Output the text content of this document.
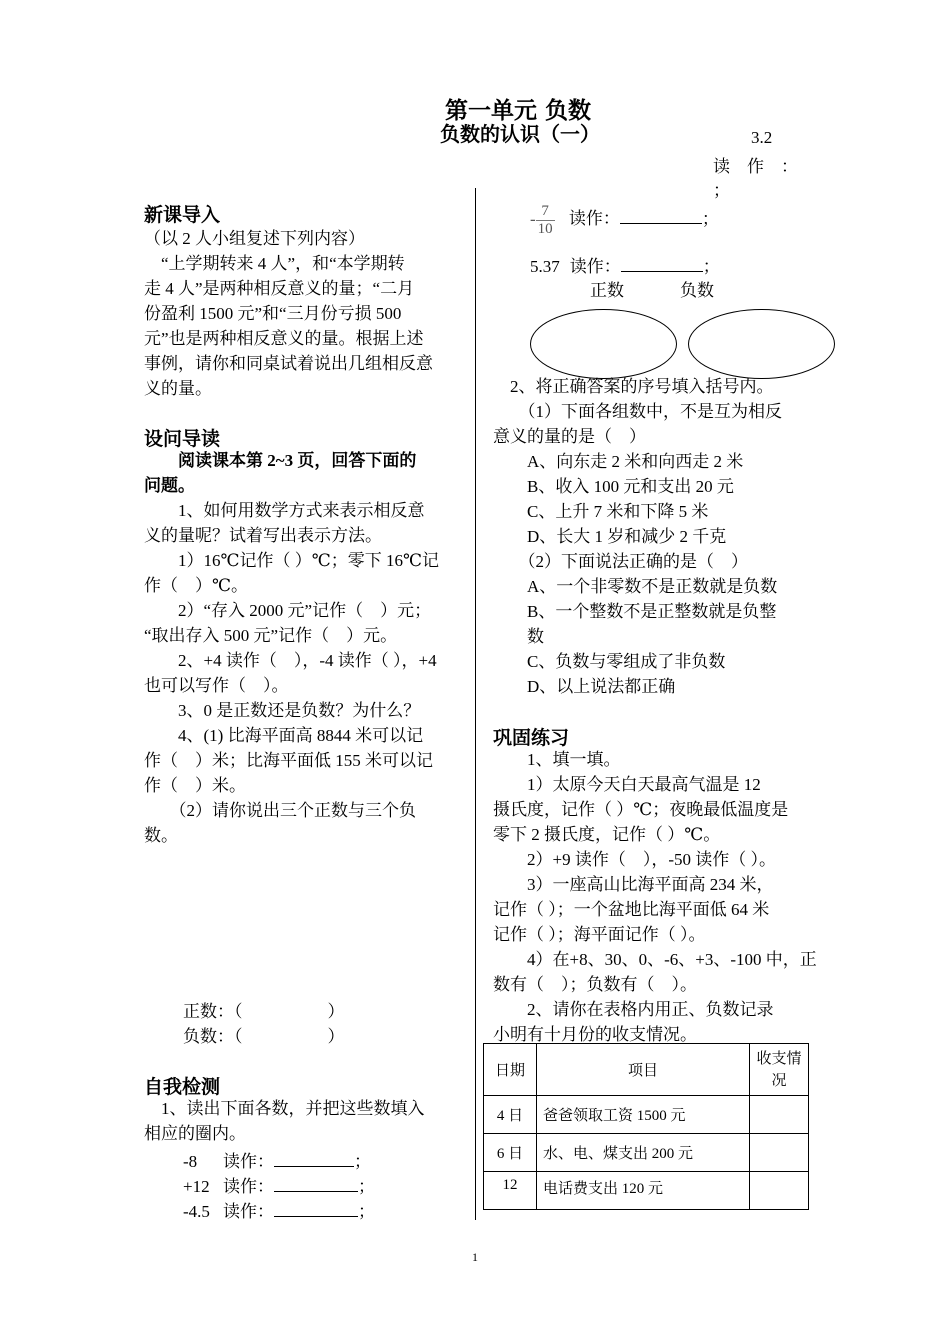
第一单元 负数
负数的认识（一）	3.2
读　作　：
；
新课导入
（以 2 人小组复述下列内容）
　“上学期转来 4 人”，和“本学期转
走 4 人”是两种相反意义的量；“二月
份盈利 1500 元”和“三月份亏损 500
元”也是两种相反意义的量。根据上述
事例，请你和同桌试着说出几组相反意
义的量。
设问导读
　　阅读课本第 2~3 页，回答下面的
问题。
　　1、如何用数学方式来表示相反意
义的量呢？试着写出表示方法。
　　1）16℃记作（ ）℃；零下 16℃记
作（　）℃。
　　2）“存入 2000 元”记作（　）元；
“取出存入 500 元”记作（　）元。
　　2、+4 读作（　），-4 读作（ ），+4
也可以写作（　）。
　　3、0 是正数还是负数？为什么？
　　4、(1) 比海平面高 8844 米可以记
作（　）米；比海平面低 155 米可以记
作（　）米。
　　（2）请你说出三个正数与三个负
数。
正数：（　　　　　）
负数：（　　　　　）
自我检测
　1、读出下面各数，并把这些数填入
相应的圈内。
-8 读作：	；
+12 读作：	；
-4.5 读作：	；
- $\frac{7}{10}$ 读作：	；
5.37 读作：	；
正数	负数
　2、将正确答案的序号填入括号内。
　　（1）下面各组数中，不是互为相反
意义的量的是（　）
　　A、向东走 2 米和向西走 2 米
　　B、收入 100 元和支出 20 元
　　C、上升 7 米和下降 5 米
　　D、长大 1 岁和减少 2 千克
　　（2）下面说法正确的是（　）
　　A、一个非零数不是正数就是负数
　　B、一个整数不是正整数就是负整
　　数
　　C、负数与零组成了非负数
　　D、以上说法都正确
巩固练习
　　1、填一填。
　　1）太原今天白天最高气温是 12
摄氏度，记作（ ）℃；夜晚最低温度是
零下 2 摄氏度，记作（ ）℃。
　　2）+9 读作（　），-50 读作（ ）。
　　3）一座高山比海平面高 234 米，
记作（ ）；一个盆地比海平面低 64 米
记作（ ）；海平面记作（ ）。
　　4）在+8、30、0、-6、+3、-100 中，正
数有（　）；负数有（　）。
　　2、请你在表格内用正、负数记录
小明有十月份的收支情况。
日期	项目	收支情况
4 日	爸爸领取工资 1500 元	
6 日	水、电、煤支出 200 元	
12	电话费支出 120 元	
1
